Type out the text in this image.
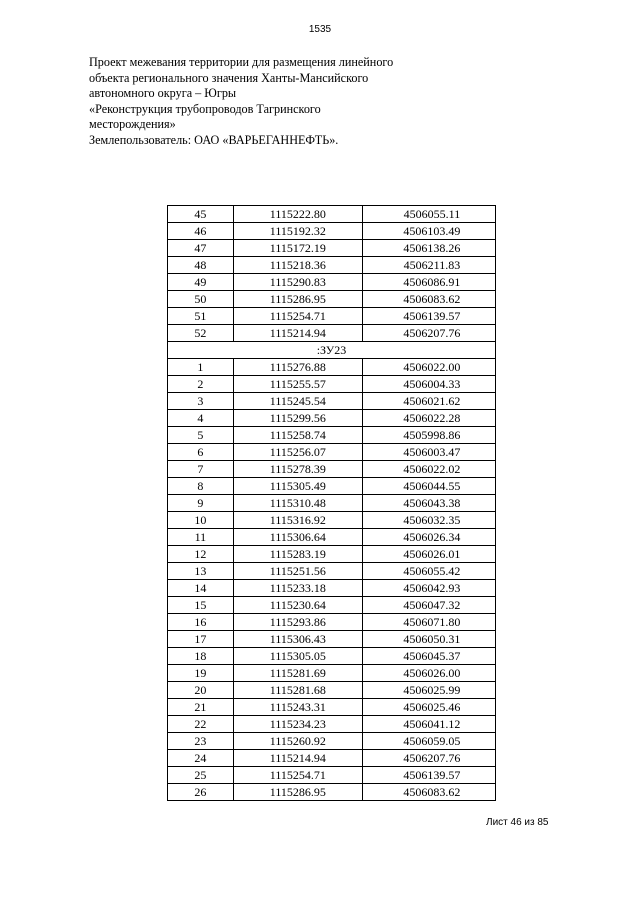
1535
Проект межевания территории для размещения линейного
объекта регионального значения Ханты-Мансийского
автономного округа – Югры
«Реконструкция трубопроводов Тагринского
месторождения»
Землепользователь: ОАО «ВАРЬЕГАННЕФТЬ».
45	1115222.80	4506055.11
46	1115192.32	4506103.49
47	1115172.19	4506138.26
48	1115218.36	4506211.83
49	1115290.83	4506086.91
50	1115286.95	4506083.62
51	1115254.71	4506139.57
52	1115214.94	4506207.76
:ЗУ23		
1	1115276.88	4506022.00
2	1115255.57	4506004.33
3	1115245.54	4506021.62
4	1115299.56	4506022.28
5	1115258.74	4505998.86
6	1115256.07	4506003.47
7	1115278.39	4506022.02
8	1115305.49	4506044.55
9	1115310.48	4506043.38
10	1115316.92	4506032.35
11	1115306.64	4506026.34
12	1115283.19	4506026.01
13	1115251.56	4506055.42
14	1115233.18	4506042.93
15	1115230.64	4506047.32
16	1115293.86	4506071.80
17	1115306.43	4506050.31
18	1115305.05	4506045.37
19	1115281.69	4506026.00
20	1115281.68	4506025.99
21	1115243.31	4506025.46
22	1115234.23	4506041.12
23	1115260.92	4506059.05
24	1115214.94	4506207.76
25	1115254.71	4506139.57
26	1115286.95	4506083.62
Лист 46 из 85
